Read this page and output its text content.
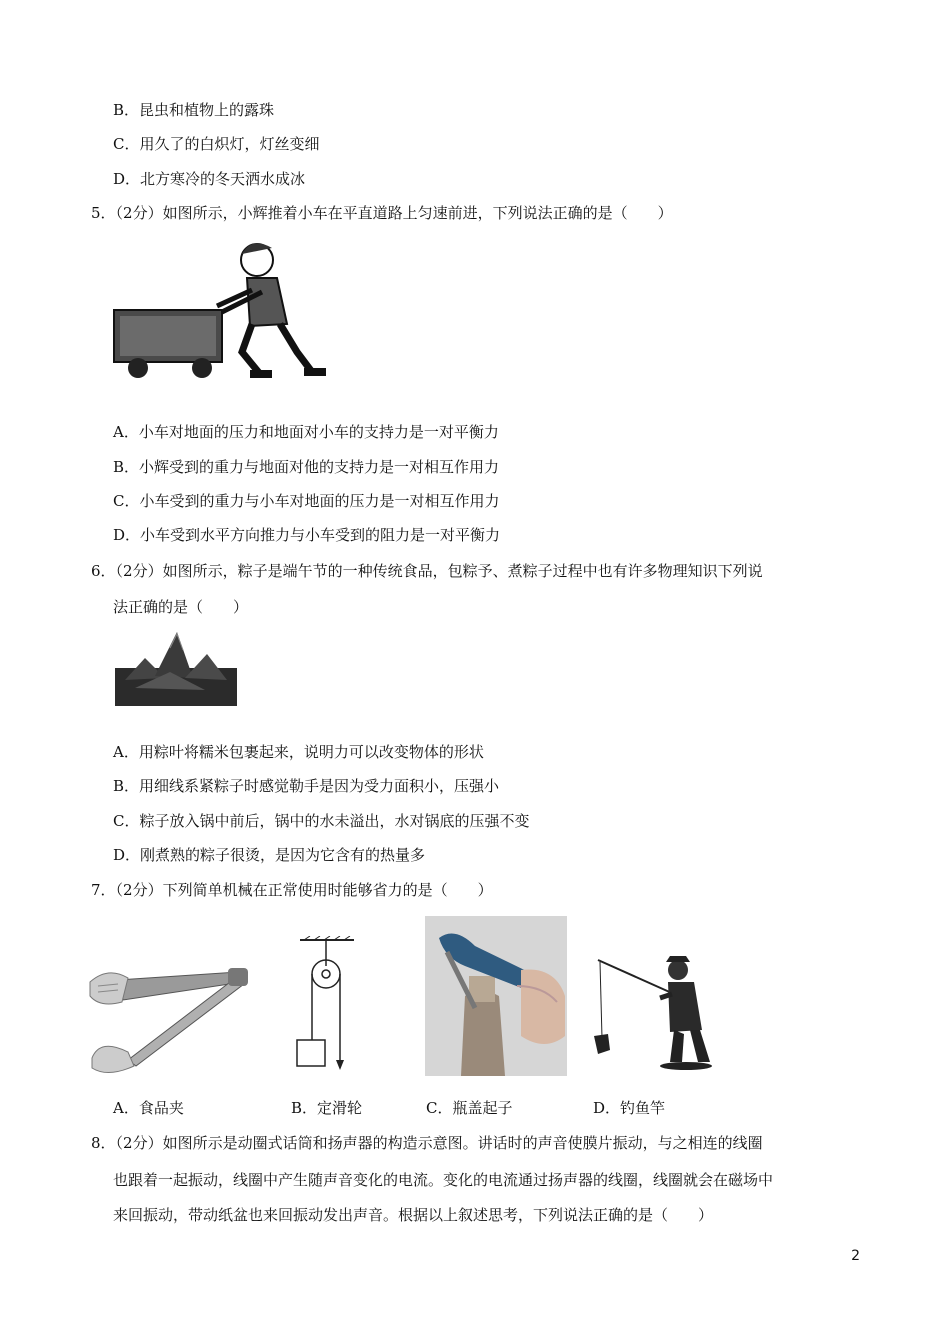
B．昆虫和植物上的露珠
C．用久了的白炽灯，灯丝变细
D．北方寒冷的冬天洒水成冰
5．（2分）如图所示，小辉推着小车在平直道路上匀速前进，下列说法正确的是（　　）
A．小车对地面的压力和地面对小车的支持力是一对平衡力
B．小辉受到的重力与地面对他的支持力是一对相互作用力
C．小车受到的重力与小车对地面的压力是一对相互作用力
D．小车受到水平方向推力与小车受到的阻力是一对平衡力
6．（2分）如图所示，粽子是端午节的一种传统食品，包粽予、煮粽子过程中也有许多物理知识下列说
法正确的是（　　）
A．用粽叶将糯米包裹起来，说明力可以改变物体的形状
B．用细线系紧粽子时感觉勒手是因为受力面积小，压强小
C．粽子放入锅中前后，锅中的水未溢出，水对锅底的压强不变
D．刚煮熟的粽子很烫，是因为它含有的热量多
7．（2分）下列简单机械在正常使用时能够省力的是（　　）
A．食品夹	B．定滑轮	C．瓶盖起子	D．钓鱼竿
8．（2分）如图所示是动圈式话筒和扬声器的构造示意图。讲话时的声音使膜片振动，与之相连的线圈
也跟着一起振动，线圈中产生随声音变化的电流。变化的电流通过扬声器的线圈，线圈就会在磁场中
来回振动，带动纸盆也来回振动发出声音。根据以上叙述思考，下列说法正确的是（　　）
2
